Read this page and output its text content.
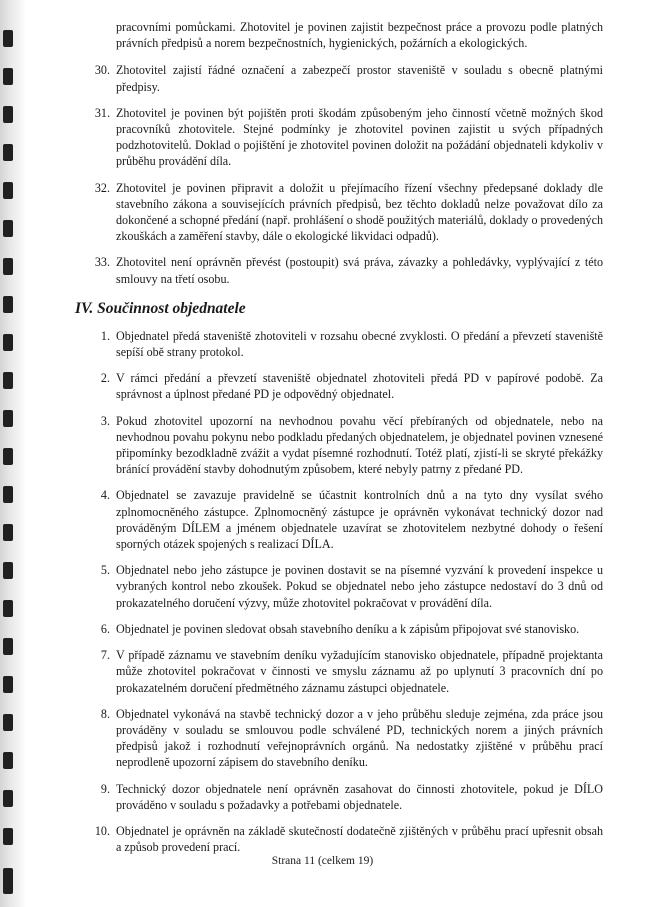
pracovními pomůckami. Zhotovitel je povinen zajistit bezpečnost práce a provozu podle platných právních předpisů a norem bezpečnostních, hygienických, požárních a ekologických.

30. Zhotovitel zajistí řádné označení a zabezpečí prostor staveniště v souladu s obecně platnými předpisy.
31. Zhotovitel je povinen být pojištěn proti škodám způsobeným jeho činností včetně možných škod pracovníků zhotovitele. Stejné podmínky je zhotovitel povinen zajistit u svých případných podzhotovitelů. Doklad o pojištění je zhotovitel povinen doložit na požádání objednateli kdykoliv v průběhu provádění díla.
32. Zhotovitel je povinen připravit a doložit u přejímacího řízení všechny předepsané doklady dle stavebního zákona a souvisejících právních předpisů, bez těchto dokladů nelze považovat dílo za dokončené a schopné předání (např. prohlášení o shodě použitých materiálů, doklady o provedených zkouškách a zaměření stavby, dále o ekologické likvidaci odpadů).
33. Zhotovitel není oprávněn převést (postoupit) svá práva, závazky a pohledávky, vyplývající z této smlouvy na třetí osobu.
IV. Součinnost objednatele
1. Objednatel předá staveniště zhotoviteli v rozsahu obecné zvyklosti. O předání a převzetí staveniště sepíší obě strany protokol.
2. V rámci předání a převzetí staveniště objednatel zhotoviteli předá PD v papírové podobě. Za správnost a úplnost předané PD je odpovědný objednatel.
3. Pokud zhotovitel upozorní na nevhodnou povahu věcí přebíraných od objednatele, nebo na nevhodnou povahu pokynu nebo podkladu předaných objednatelem, je objednatel povinen vznesené připomínky bezodkladně zvážit a vydat písemné rozhodnutí. Totéž platí, zjistí-li se skryté překážky bránící provádění stavby dohodnutým způsobem, které nebyly patrny z předané PD.
4. Objednatel se zavazuje pravidelně se účastnit kontrolních dnů a na tyto dny vysílat svého zplnomocněného zástupce. Zplnomocněný zástupce je oprávněn vykonávat technický dozor nad prováděným DÍLEM a jménem objednatele uzavírat se zhotovitelem nezbytné dohody o řešení sporných otázek spojených s realizací DÍLA.
5. Objednatel nebo jeho zástupce je povinen dostavit se na písemné vyzvání k provedení inspekce u vybraných kontrol nebo zkoušek. Pokud se objednatel nebo jeho zástupce nedostaví do 3 dnů od prokazatelného doručení výzvy, může zhotovitel pokračovat v provádění díla.
6. Objednatel je povinen sledovat obsah stavebního deníku a k zápisům připojovat své stanovisko.
7. V případě záznamu ve stavebním deníku vyžadujícím stanovisko objednatele, případně projektanta může zhotovitel pokračovat v činnosti ve smyslu záznamu až po uplynutí 3 pracovních dní po prokazatelném doručení předmětného záznamu zástupci objednatele.
8. Objednatel vykonává na stavbě technický dozor a v jeho průběhu sleduje zejména, zda práce jsou prováděny v souladu se smlouvou podle schválené PD, technických norem a jiných právních předpisů jakož i rozhodnutí veřejnoprávních orgánů. Na nedostatky zjištěné v průběhu prací neprodleně upozorní zápisem do stavebního deníku.
9. Technický dozor objednatele není oprávněn zasahovat do činnosti zhotovitele, pokud je DÍLO prováděno v souladu s požadavky a potřebami objednatele.
10. Objednatel je oprávněn na základě skutečností dodatečně zjištěných v průběhu prací upřesnit obsah a způsob provedení prací.
Strana 11 (celkem 19)
